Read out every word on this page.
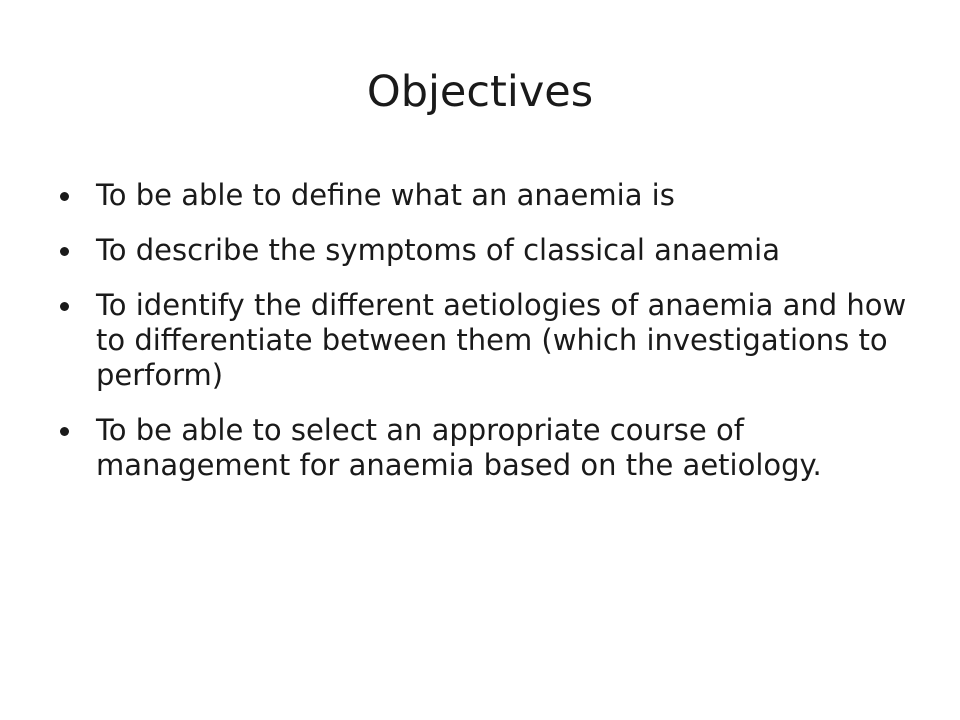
Objectives
To be able to define what an anaemia is
To describe the symptoms of classical anaemia
To identify the different aetiologies of anaemia and how to differentiate between them (which investigations to perform)
To be able to select an appropriate course of management for anaemia based on the aetiology.
